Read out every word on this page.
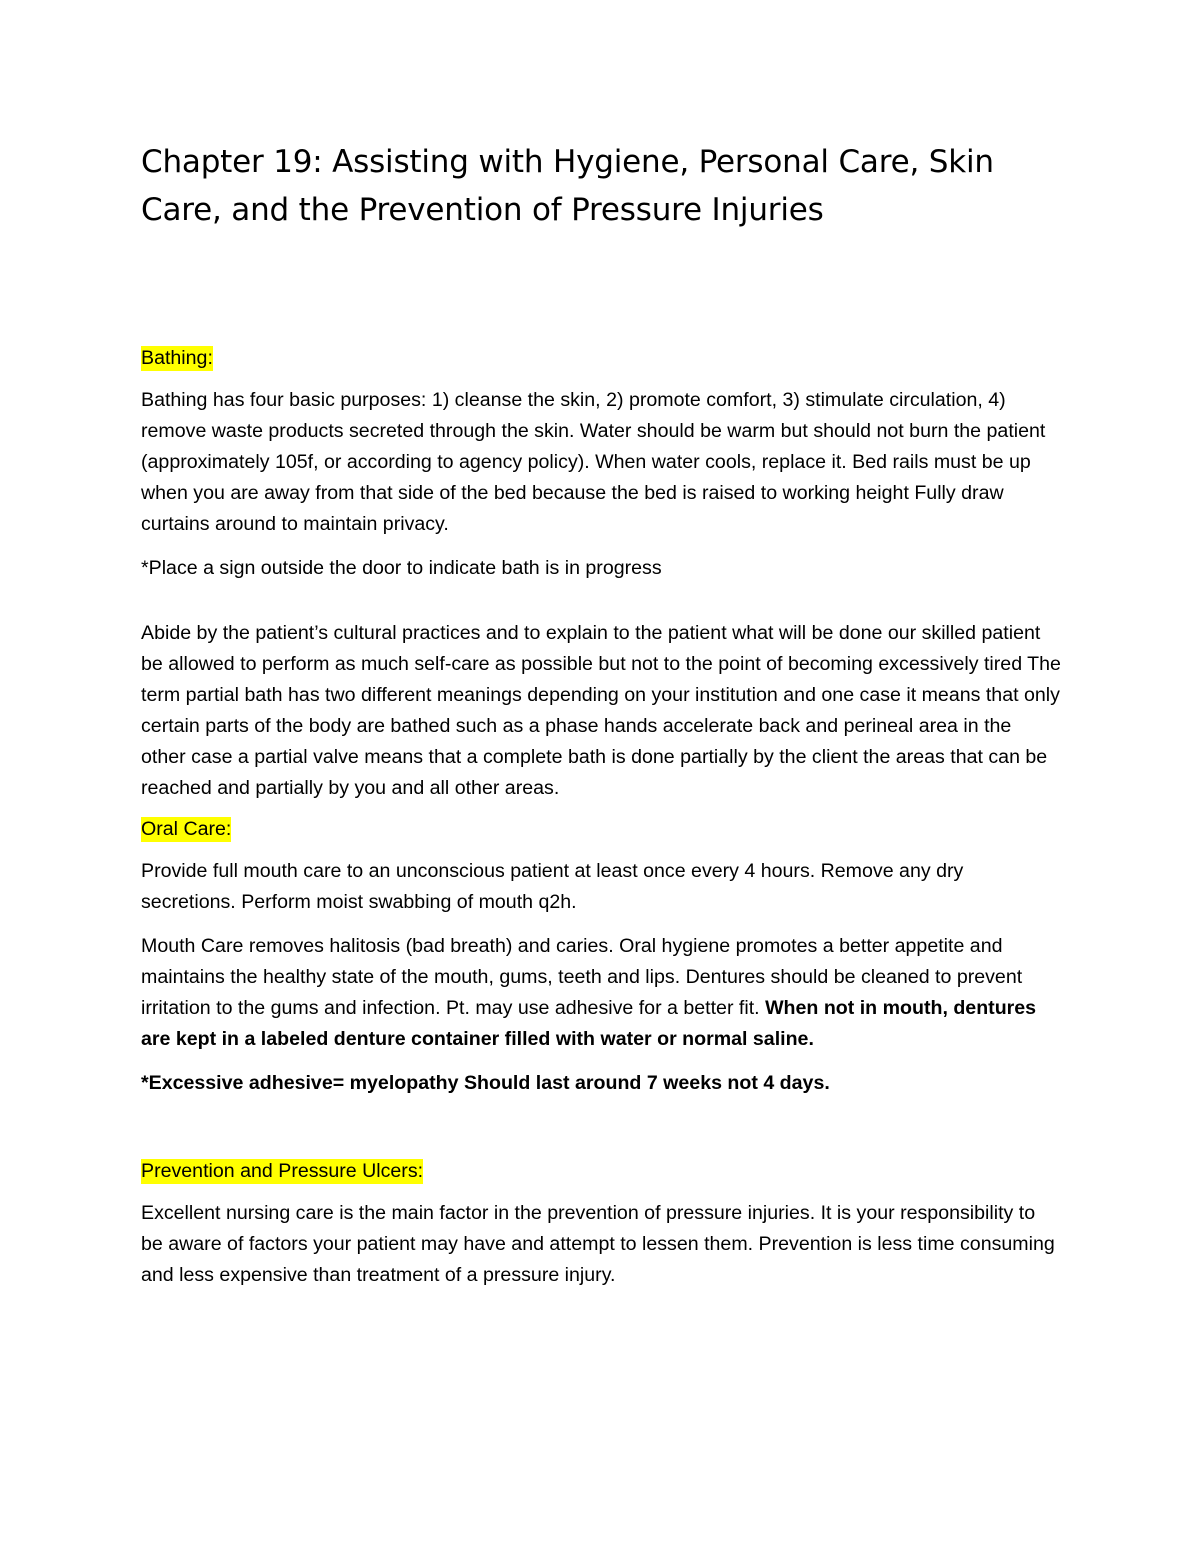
Chapter 19: Assisting with Hygiene, Personal Care, Skin Care, and the Prevention of Pressure Injuries
Bathing:

Bathing has four basic purposes: 1) cleanse the skin, 2) promote comfort, 3) stimulate circulation, 4) remove waste products secreted through the skin. Water should be warm but should not burn the patient (approximately 105f, or according to agency policy). When water cools, replace it. Bed rails must be up when you are away from that side of the bed because the bed is raised to working height Fully draw curtains around to maintain privacy.

*Place a sign outside the door to indicate bath is in progress

Abide by the patient’s cultural practices and to explain to the patient what will be done our skilled patient be allowed to perform as much self-care as possible but not to the point of becoming excessively tired The term partial bath has two different meanings depending on your institution and one case it means that only certain parts of the body are bathed such as a phase hands accelerate back and perineal area in the other case a partial valve means that a complete bath is done partially by the client the areas that can be reached and partially by you and all other areas.

Oral Care:

Provide full mouth care to an unconscious patient at least once every 4 hours. Remove any dry secretions. Perform moist swabbing of mouth q2h.

Mouth Care removes halitosis (bad breath) and caries. Oral hygiene promotes a better appetite and maintains the healthy state of the mouth, gums, teeth and lips. Dentures should be cleaned to prevent irritation to the gums and infection. Pt. may use adhesive for a better fit. When not in mouth, dentures are kept in a labeled denture container filled with water or normal saline.

*Excessive adhesive= myelopathy Should last around 7 weeks not 4 days.

Prevention and Pressure Ulcers:

Excellent nursing care is the main factor in the prevention of pressure injuries. It is your responsibility to be aware of factors your patient may have and attempt to lessen them. Prevention is less time consuming and less expensive than treatment of a pressure injury.
